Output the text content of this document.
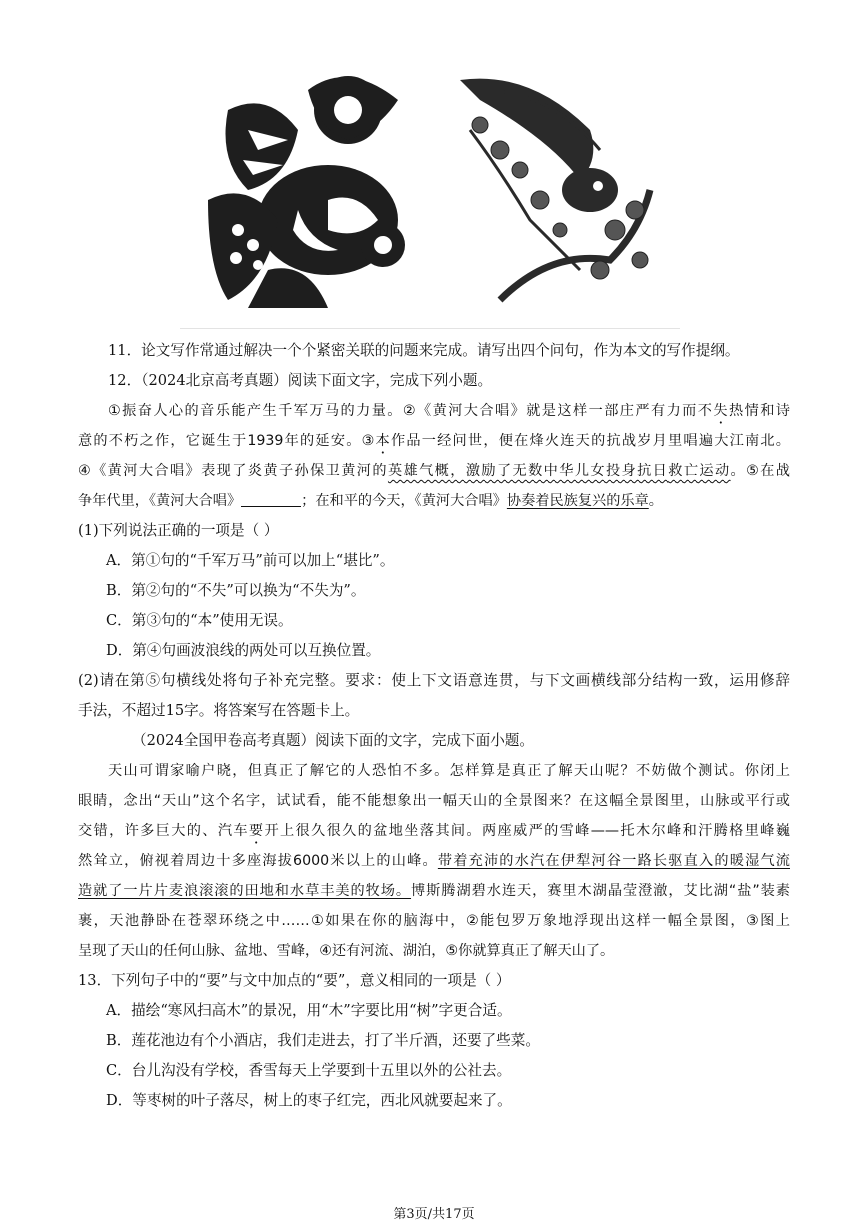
11．论文写作常通过解决一个个紧密关联的问题来完成。请写出四个问句，作为本文的写作提纲。
12．（2024北京高考真题）阅读下面文字，完成下列小题。
①振奋人心的音乐能产生千军万马的力量。②《黄河大合唱》就是这样一部庄严有力而不失热情和诗
意的不朽之作，它诞生于1939年的延安。③本作品一经问世，便在烽火连天的抗战岁月里唱遍大江南北。
④《黄河大合唱》表现了炎黄子孙保卫黄河的英雄气概，激励了无数中华儿女投身抗日救亡运动。⑤在战
争年代里，《黄河大合唱》	；在和平的今天，《黄河大合唱》协奏着民族复兴的乐章。
(1)下列说法正确的一项是（ ）
A．第①句的“千军万马”前可以加上“堪比”。
B．第②句的“不失”可以换为“不失为”。
C．第③句的“本”使用无误。
D．第④句画波浪线的两处可以互换位置。
(2)请在第⑤句横线处将句子补充完整。要求：使上下文语意连贯，与下文画横线部分结构一致，运用修辞
手法，不超过15字。将答案写在答题卡上。
（2024全国甲卷高考真题）阅读下面的文字，完成下面小题。
天山可谓家喻户晓，但真正了解它的人恐怕不多。怎样算是真正了解天山呢？不妨做个测试。你闭上
眼睛，念出“天山”这个名字，试试看，能不能想象出一幅天山的全景图来？在这幅全景图里，山脉或平行或
交错，许多巨大的、汽车要开上很久很久的盆地坐落其间。两座威严的雪峰——托木尔峰和汗腾格里峰巍
然耸立，俯视着周边十多座海拔6000米以上的山峰。带着充沛的水汽在伊犁河谷一路长驱直入的暖湿气流
造就了一片片麦浪滚滚的田地和水草丰美的牧场。博斯腾湖碧水连天，赛里木湖晶莹澄澈，艾比湖“盐”装素
裹，天池静卧在苍翠环绕之中……①如果在你的脑海中，②能包罗万象地浮现出这样一幅全景图，③图上
呈现了天山的任何山脉、盆地、雪峰，④还有河流、湖泊，⑤你就算真正了解天山了。
13．下列句子中的“要”与文中加点的“要”，意义相同的一项是（ ）
A．描绘“寒风扫高木”的景况，用“木”字要比用“树”字更合适。
B．莲花池边有个小酒店，我们走进去，打了半斤酒，还要了些菜。
C．台儿沟没有学校，香雪每天上学要到十五里以外的公社去。
D．等枣树的叶子落尽，树上的枣子红完，西北风就要起来了。
第3页/共17页
